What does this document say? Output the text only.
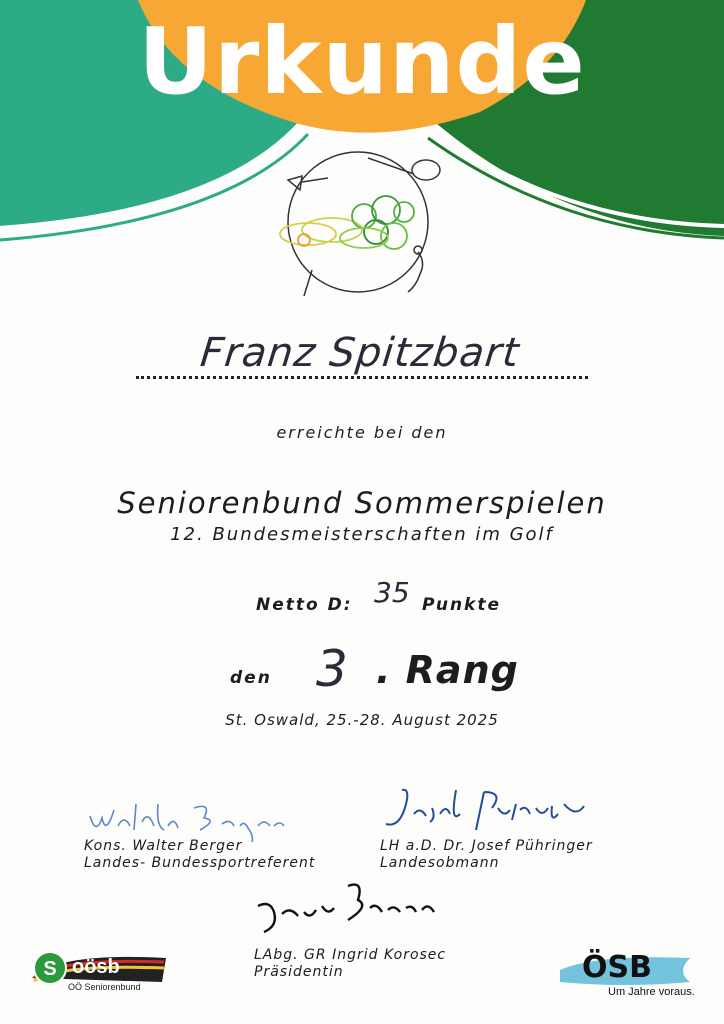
Urkunde
Franz Spitzbart
erreichte bei den
Seniorenbund Sommerspielen
12. Bundesmeisterschaften im Golf
Netto D: 35 Punkte
den 3 . Rang
St. Oswald, 25.-28. August 2025
Kons. Walter Berger
Landes- Bundessportreferent
LH a.D. Dr. Josef Pühringer
Landesobmann
LAbg. GR Ingrid Korosec
Präsidentin
S oösb
OÖ Seniorenbund
ÖSB
Um Jahre voraus.
